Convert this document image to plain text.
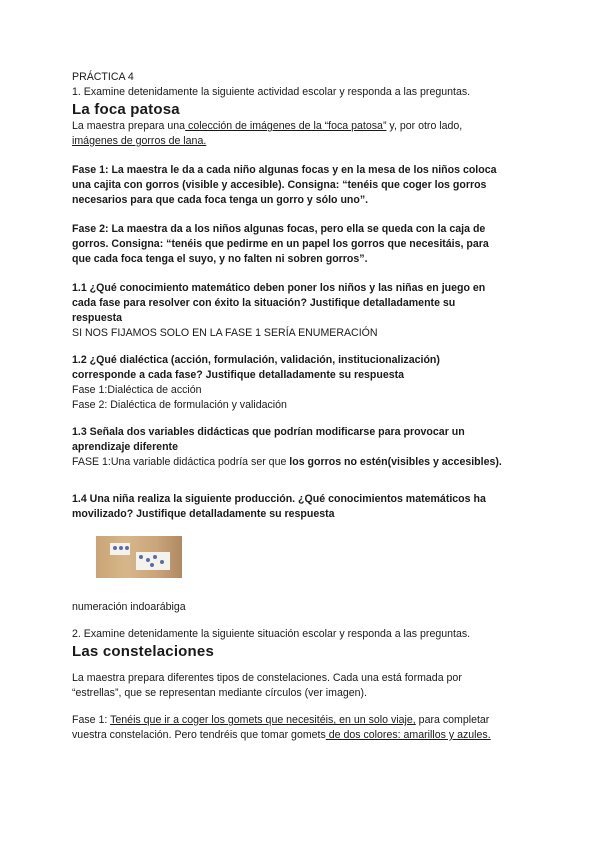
PRÁCTICA 4

1. Examine detenidamente la siguiente actividad escolar y responda a las preguntas.

La foca patosa

La maestra prepara una colección de imágenes de la “foca patosa” y, por otro lado,

imágenes de gorros de lana.

Fase 1: La maestra le da a cada niño algunas focas y en la mesa de los niños coloca

una cajita con gorros (visible y accesible). Consigna: “tenéis que coger los gorros

necesarios para que cada foca tenga un gorro y sólo uno”.

Fase 2: La maestra da a los niños algunas focas, pero ella se queda con la caja de

gorros. Consigna: “tenéis que pedirme en un papel los gorros que necesitáis, para

que cada foca tenga el suyo, y no falten ni sobren gorros”.

1.1 ¿Qué conocimiento matemático deben poner los niños y las niñas en juego en

cada fase para resolver con éxito la situación? Justifique detalladamente su

respuesta

SI NOS FIJAMOS SOLO EN LA FASE 1 SERÍA ENUMERACIÓN

1.2 ¿Qué dialéctica (acción, formulación, validación, institucionalización)

corresponde a cada fase? Justifique detalladamente su respuesta

Fase 1:Dialéctica de acción

Fase 2: Dialéctica de formulación y validación

1.3 Señala dos variables didácticas que podrían modificarse para provocar un

aprendizaje diferente

FASE 1:Una variable didáctica podría ser que los gorros no estén(visibles y accesibles).

1.4 Una niña realiza la siguiente producción. ¿Qué conocimientos matemáticos ha

movilizado? Justifique detalladamente su respuesta

numeración indoarábiga

2. Examine detenidamente la siguiente situación escolar y responda a las preguntas.

Las constelaciones

La maestra prepara diferentes tipos de constelaciones. Cada una está formada por

“estrellas”, que se representan mediante círculos (ver imagen).

Fase 1: Tenéis que ir a coger los gomets que necesitéis, en un solo viaje, para completar

vuestra constelación. Pero tendréis que tomar gomets de dos colores: amarillos y azules.
